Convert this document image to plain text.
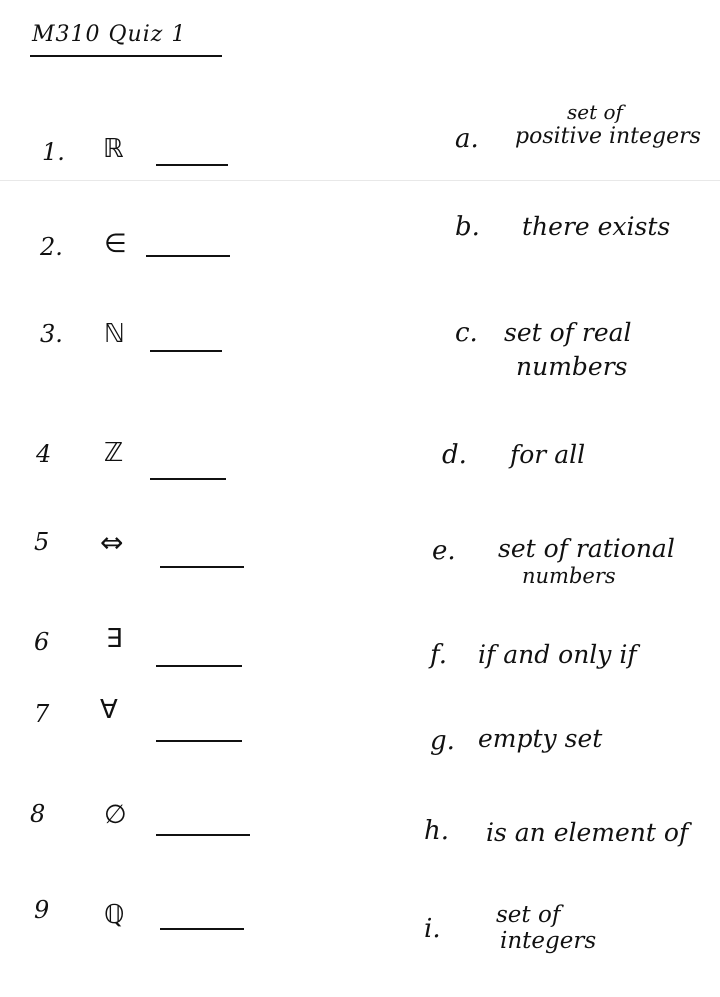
M310 Quiz 1
1. ℝ
2. ∈
3. ℕ
4 ℤ
5 ⇔
6 ∃
7 ∀
8 ∅
9 ℚ
set of
a. positive integers
b. there exists
c. set of real
numbers
d. for all
e. set of rational
numbers
f. if and only if
g. empty set
h. is an element of
i. set of
integers
